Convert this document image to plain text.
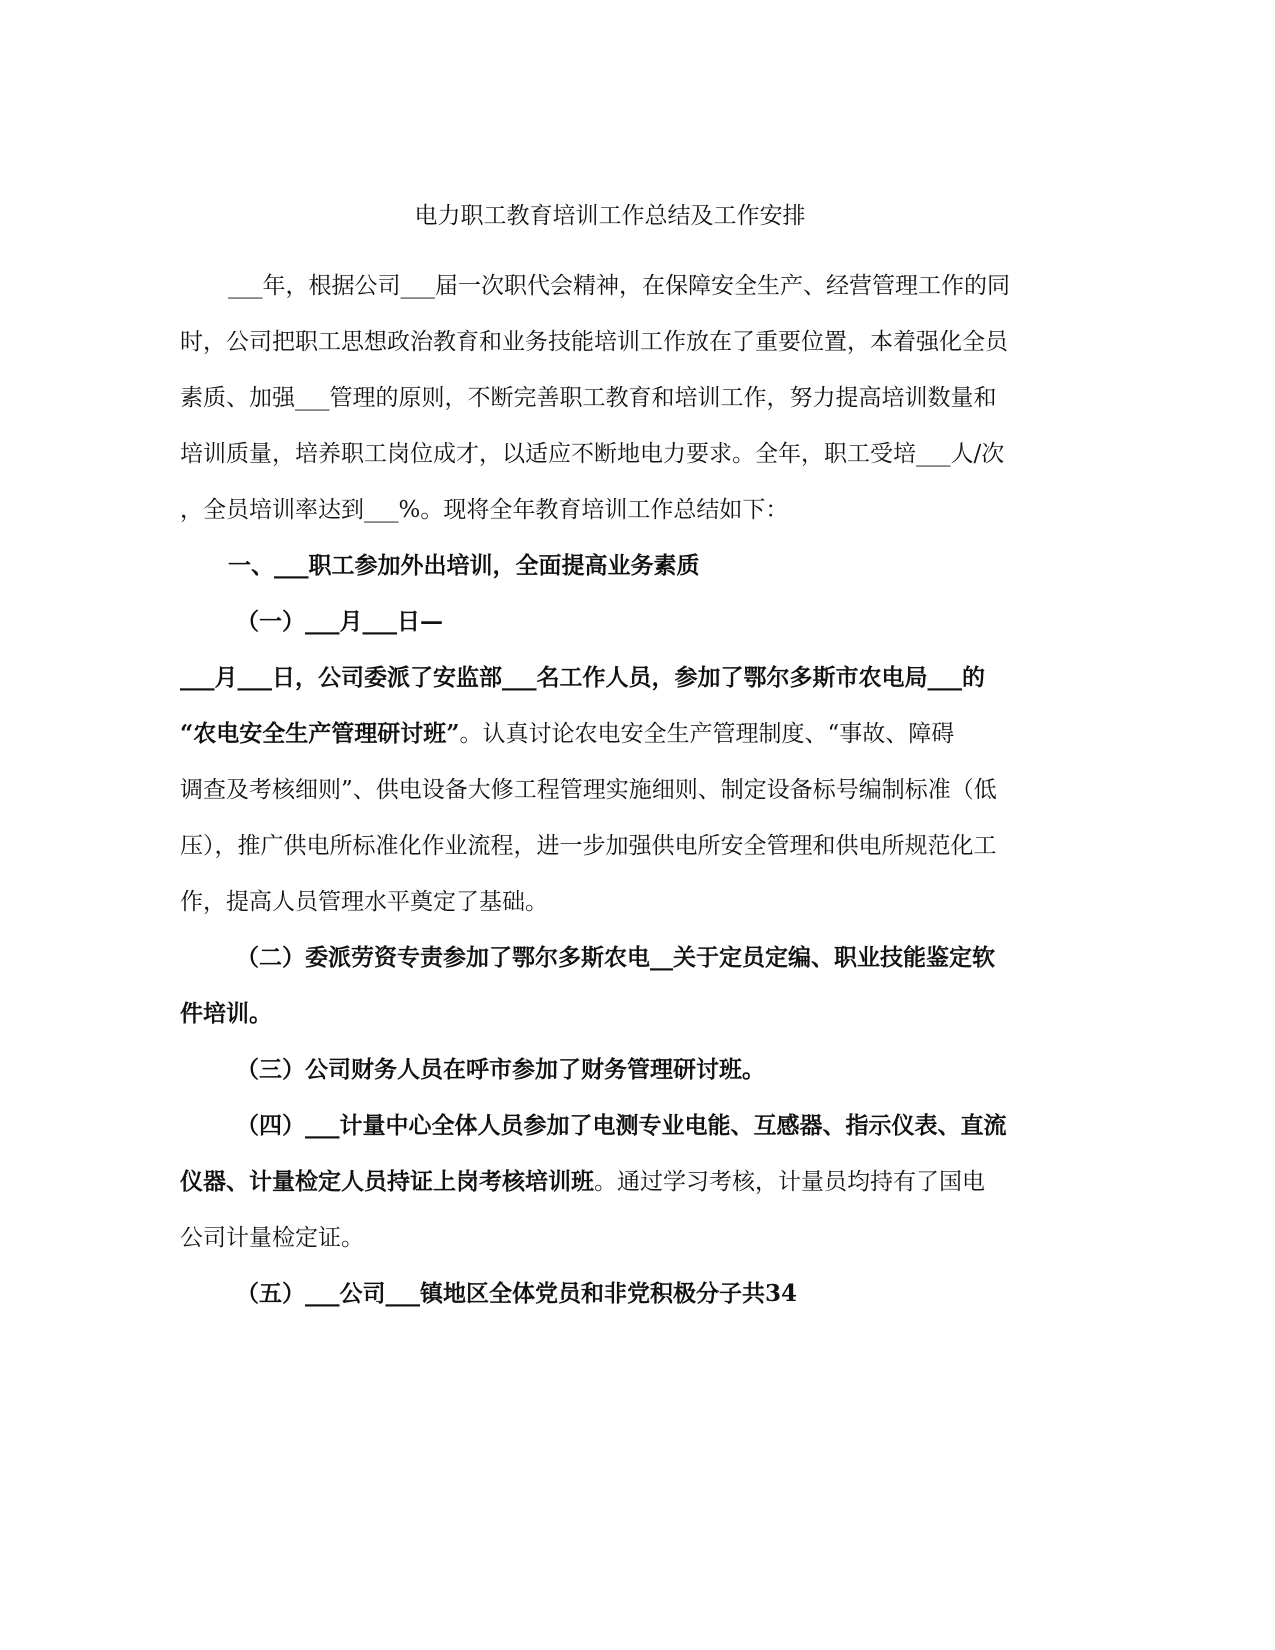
电力职工教育培训工作总结及工作安排
___年，根据公司___届一次职代会精神，在保障安全生产、经营管理工作的同
时，公司把职工思想政治教育和业务技能培训工作放在了重要位置，本着强化全员
素质、加强___管理的原则，不断完善职工教育和培训工作，努力提高培训数量和
培训质量，培养职工岗位成才，以适应不断地电力要求。全年，职工受培___人/次
，全员培训率达到___%。现将全年教育培训工作总结如下：
一、___职工参加外出培训，全面提高业务素质
（一）___月___日—
___月___日，公司委派了安监部___名工作人员，参加了鄂尔多斯市农电局___的
“农电安全生产管理研讨班”。认真讨论农电安全生产管理制度、“事故、障碍
调查及考核细则”、供电设备大修工程管理实施细则、制定设备标号编制标准（低
压），推广供电所标准化作业流程，进一步加强供电所安全管理和供电所规范化工
作，提高人员管理水平奠定了基础。
（二）委派劳资专责参加了鄂尔多斯农电__关于定员定编、职业技能鉴定软
件培训。
（三）公司财务人员在呼市参加了财务管理研讨班。
（四）___计量中心全体人员参加了电测专业电能、互感器、指示仪表、直流
仪器、计量检定人员持证上岗考核培训班。通过学习考核，计量员均持有了国电
公司计量检定证。
（五）___公司___镇地区全体党员和非党积极分子共34
